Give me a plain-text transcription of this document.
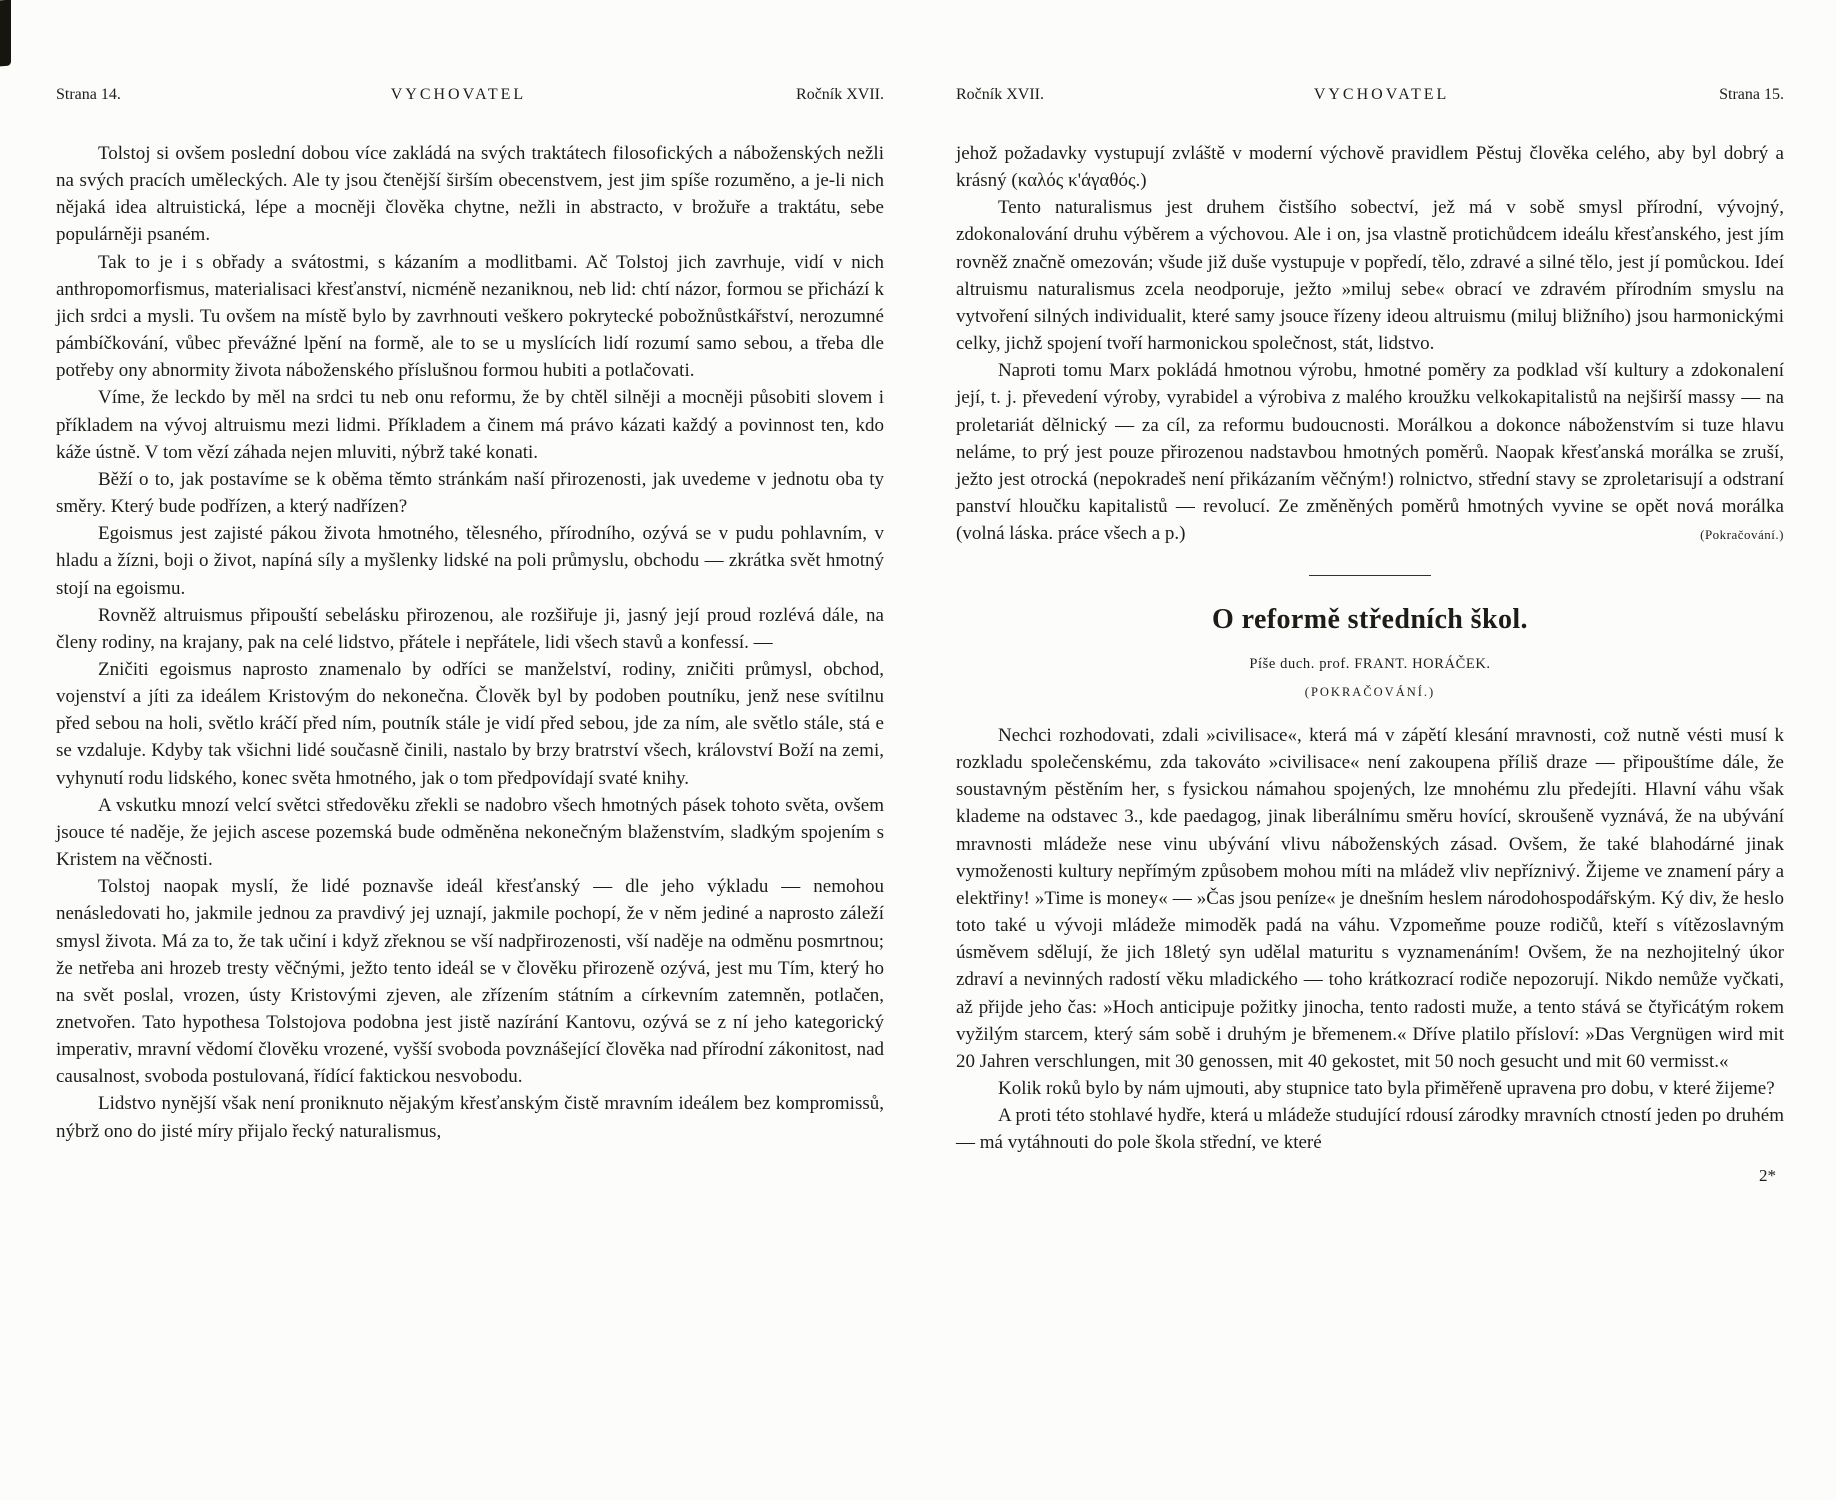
Strana 14.	VYCHOVATEL	Ročník XVII.

Tolstoj si ovšem poslední dobou více zakládá na svých traktátech filosofických a náboženských nežli na svých pracích uměleckých. Ale ty jsou čtenější širším obecenstvem, jest jim spíše rozuměno, a je-li nich nějaká idea altruistická, lépe a mocněji člověka chytne, nežli in abstracto, v brožuře a traktátu, sebe populárněji psaném.

Tak to je i s obřady a svátostmi, s kázaním a modlitbami. Ač Tolstoj jich zavrhuje, vidí v nich anthropomorfismus, materialisaci křesťanství, nicméně nezaniknou, neb lid: chtí názor, formou se přichází k jich srdci a mysli. Tu ovšem na místě bylo by zavrhnouti veškero pokrytecké pobožnůstkářství, nerozumné pámbíčkování, vůbec převážné lpění na formě, ale to se u myslících lidí rozumí samo sebou, a třeba dle potřeby ony abnormity života náboženského příslušnou formou hubiti a potlačovati.

Víme, že leckdo by měl na srdci tu neb onu reformu, že by chtěl silněji a mocněji působiti slovem i příkladem na vývoj altruismu mezi lidmi. Příkladem a činem má právo kázati každý a povinnost ten, kdo káže ústně. V tom vězí záhada nejen mluviti, nýbrž také konati.

Běží o to, jak postavíme se k oběma těmto stránkám naší přirozenosti, jak uvedeme v jednotu oba ty směry. Který bude podřízen, a který nadřízen?

Egoismus jest zajisté pákou života hmotného, tělesného, přírodního, ozývá se v pudu pohlavním, v hladu a žízni, boji o život, napíná síly a myšlenky lidské na poli průmyslu, obchodu — zkrátka svět hmotný stojí na egoismu.

Rovněž altruismus připouští sebelásku přirozenou, ale rozšiřuje ji, jasný její proud rozlévá dále, na členy rodiny, na krajany, pak na celé lidstvo, přátele i nepřátele, lidi všech stavů a konfessí. —

Zničiti egoismus naprosto znamenalo by odříci se manželství, rodiny, zničiti průmysl, obchod, vojenství a jíti za ideálem Kristovým do nekonečna. Člověk byl by podoben poutníku, jenž nese svítilnu před sebou na holi, světlo kráčí před ním, poutník stále je vidí před sebou, jde za ním, ale světlo stále, stá e se vzdaluje. Kdyby tak všichni lidé současně činili, nastalo by brzy bratrství všech, království Boží na zemi, vyhynutí rodu lidského, konec světa hmotného, jak o tom předpovídají svaté knihy.

A vskutku mnozí velcí světci středověku zřekli se nadobro všech hmotných pásek tohoto světa, ovšem jsouce té naděje, že jejich ascese pozemská bude odměněna nekonečným blaženstvím, sladkým spojením s Kristem na věčnosti.

Tolstoj naopak myslí, že lidé poznavše ideál křesťanský — dle jeho výkladu — nemohou nenásledovati ho, jakmile jednou za pravdivý jej uznají, jakmile pochopí, že v něm jediné a naprosto záleží smysl života. Má za to, že tak učiní i když zřeknou se vší nadpřirozenosti, vší naděje na odměnu posmrtnou; že netřeba ani hrozeb tresty věčnými, ježto tento ideál se v člověku přirozeně ozývá, jest mu Tím, který ho na svět poslal, vrozen, ústy Kristovými zjeven, ale zřízením státním a církevním zatemněn, potlačen, znetvořen. Tato hypothesa Tolstojova podobna jest jistě nazírání Kantovu, ozývá se z ní jeho kategorický imperativ, mravní vědomí člověku vrozené, vyšší svoboda povznášející člověka nad přírodní zákonitost, nad causalnost, svoboda postulovaná, řídící faktickou nesvobodu.

Lidstvo nynější však není proniknuto nějakým křesťanským čistě mravním ideálem bez kompromissů, nýbrž ono do jisté míry přijalo řecký naturalismus,

Ročník XVII.	VYCHOVATEL	Strana 15.

jehož požadavky vystupují zvláště v moderní výchově pravidlem Pěstuj člověka celého, aby byl dobrý a krásný (καλός κ'άγαθός.)

Tento naturalismus jest druhem čistšího sobectví, jež má v sobě smysl přírodní, vývojný, zdokonalování druhu výběrem a výchovou. Ale i on, jsa vlastně protichůdcem ideálu křesťanského, jest jím rovněž značně omezován; všude již duše vystupuje v popředí, tělo, zdravé a silné tělo, jest jí pomůckou. Ideí altruismu naturalismus zcela neodporuje, ježto »miluj sebe« obrací ve zdravém přírodním smyslu na vytvoření silných individualit, které samy jsouce řízeny ideou altruismu (miluj bližního) jsou harmonickými celky, jichž spojení tvoří harmonickou společnost, stát, lidstvo.

Naproti tomu Marx pokládá hmotnou výrobu, hmotné poměry za podklad vší kultury a zdokonalení její, t. j. převedení výroby, vyrabidel a výrobiva z malého kroužku velkokapitalistů na nejširší massy — na proletariát dělnický — za cíl, za reformu budoucnosti. Morálkou a dokonce náboženstvím si tuze hlavu neláme, to prý jest pouze přirozenou nadstavbou hmotných poměrů. Naopak křesťanská morálka se zruší, ježto jest otrocká (nepokradeš není přikázaním věčným!) rolnictvo, střední stavy se zproletarisují a odstraní panství hloučku kapitalistů — revolucí. Ze změněných poměrů hmotných vyvine se opět nová morálka (volná láska. práce všech a p.)	(Pokračování.)

O reformě středních škol.
Píše duch. prof. FRANT. HORÁČEK.
(POKRAČOVÁNÍ.)

Nechci rozhodovati, zdali »civilisace«, která má v zápětí klesání mravnosti, což nutně vésti musí k rozkladu společenskému, zda takováto »civilisace« není zakoupena příliš draze — připouštíme dále, že soustavným pěstěním her, s fysickou námahou spojených, lze mnohému zlu předejíti. Hlavní váhu však klademe na odstavec 3., kde paedagog, jinak liberálnímu směru hovící, skroušeně vyznává, že na ubývání mravnosti mládeže nese vinu ubývání vlivu náboženských zásad. Ovšem, že také blahodárné jinak vymoženosti kultury nepřímým způsobem mohou míti na mládež vliv nepříznivý. Žijeme ve znamení páry a elektřiny! »Time is money« — »Čas jsou peníze« je dnešním heslem národohospodářským. Ký div, že heslo toto také u vývoji mládeže mimoděk padá na váhu. Vzpomeňme pouze rodičů, kteří s vítězoslavným úsměvem sdělují, že jich 18letý syn udělal maturitu s vyznamenáním! Ovšem, že na nezhojitelný úkor zdraví a nevinných radostí věku mladického — toho krátkozrací rodiče nepozorují. Nikdo nemůže vyčkati, až přijde jeho čas: »Hoch anticipuje požitky jinocha, tento radosti muže, a tento stává se čtyřicátým rokem vyžilým starcem, který sám sobě i druhým je břemenem.« Dříve platilo přísloví: »Das Vergnügen wird mit 20 Jahren verschlungen, mit 30 genossen, mit 40 gekostet, mit 50 noch gesucht und mit 60 vermisst.«

Kolik roků bylo by nám ujmouti, aby stupnice tato byla přiměřeně upravena pro dobu, v které žijeme?

A proti této stohlavé hydře, která u mládeže studující rdousí zárodky mravních ctností jeden po druhém — má vytáhnouti do pole škola střední, ve které

2*
